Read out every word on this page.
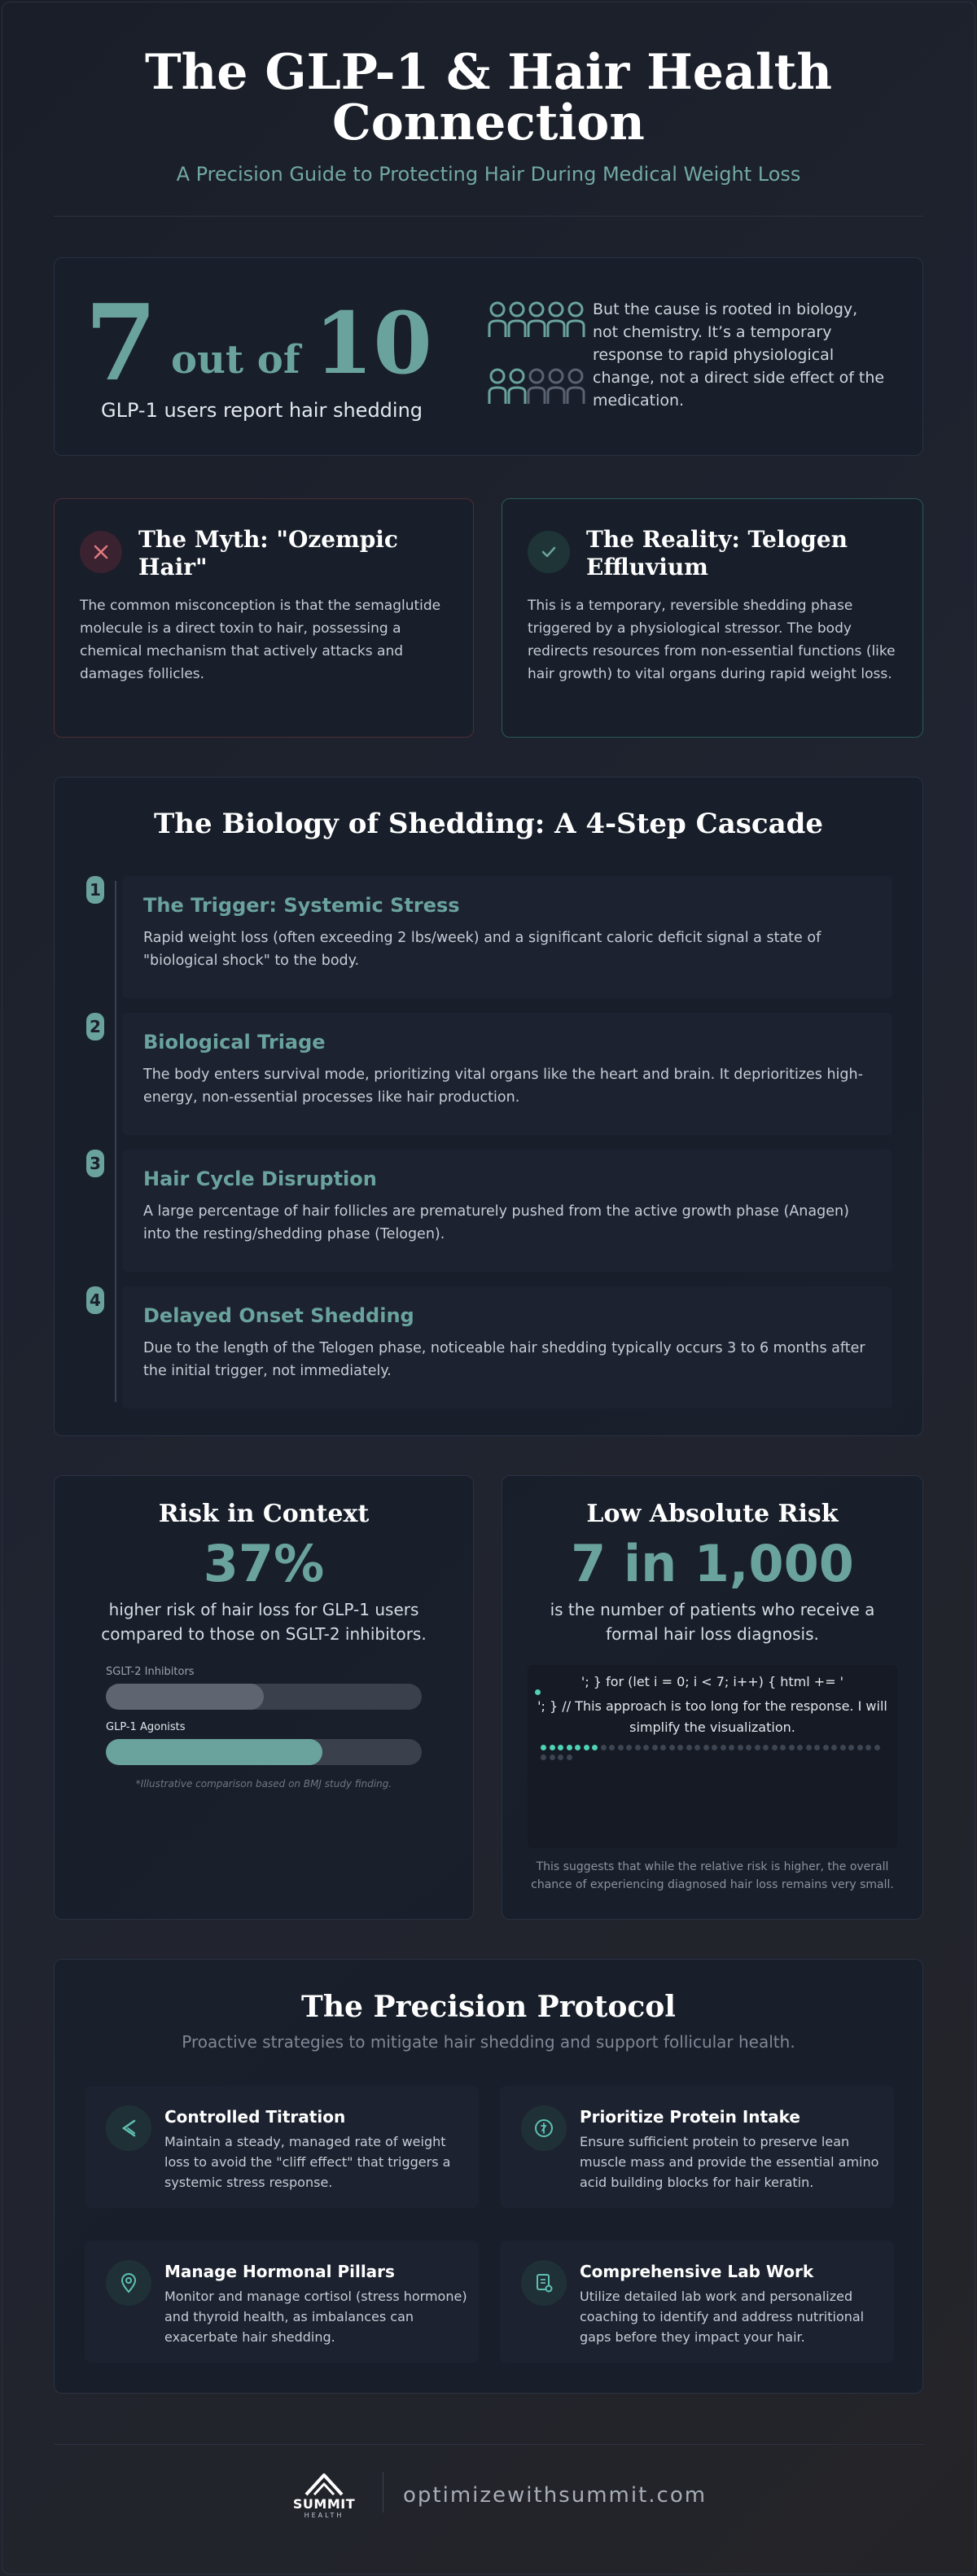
The GLP-1 & Hair Health Connection
A Precision Guide to Protecting Hair During Medical Weight Loss
7 out of 10
GLP-1 users report hair shedding
But the cause is rooted in biology, not chemistry. It’s a temporary response to rapid physiological change, not a direct side effect of the medication.
The Myth: "Ozempic Hair"
The common misconception is that the semaglutide molecule is a direct toxin to hair, possessing a chemical mechanism that actively attacks and damages follicles.
The Reality: Telogen Effluvium
This is a temporary, reversible shedding phase triggered by a physiological stressor. The body redirects resources from non-essential functions (like hair growth) to vital organs during rapid weight loss.
The Biology of Shedding: A 4-Step Cascade
1
The Trigger: Systemic Stress
Rapid weight loss (often exceeding 2 lbs/week) and a significant caloric deficit signal a state of "biological shock" to the body.
2
Biological Triage
The body enters survival mode, prioritizing vital organs like the heart and brain. It deprioritizes high-energy, non-essential processes like hair production.
3
Hair Cycle Disruption
A large percentage of hair follicles are prematurely pushed from the active growth phase (Anagen) into the resting/shedding phase (Telogen).
4
Delayed Onset Shedding
Due to the length of the Telogen phase, noticeable hair shedding typically occurs 3 to 6 months after the initial trigger, not immediately.
Risk in Context
37%
higher risk of hair loss for GLP-1 users compared to those on SGLT-2 inhibitors.
SGLT-2 Inhibitors
GLP-1 Agonists
*Illustrative comparison based on BMJ study finding.
Low Absolute Risk
7 in 1,000
is the number of patients who receive a formal hair loss diagnosis.
'; } for (let i = 0; i < 7; i++) { html += '
'; } // This approach is too long for the response. I will simplify the visualization.
This suggests that while the relative risk is higher, the overall chance of experiencing diagnosed hair loss remains very small.
The Precision Protocol
Proactive strategies to mitigate hair shedding and support follicular health.
Controlled Titration
Maintain a steady, managed rate of weight loss to avoid the "cliff effect" that triggers a systemic stress response.
Prioritize Protein Intake
Ensure sufficient protein to preserve lean muscle mass and provide the essential amino acid building blocks for hair keratin.
Manage Hormonal Pillars
Monitor and manage cortisol (stress hormone) and thyroid health, as imbalances can exacerbate hair shedding.
Comprehensive Lab Work
Utilize detailed lab work and personalized coaching to identify and address nutritional gaps before they impact your hair.
SUMMIT
HEALTH
optimizewithsummit.com
